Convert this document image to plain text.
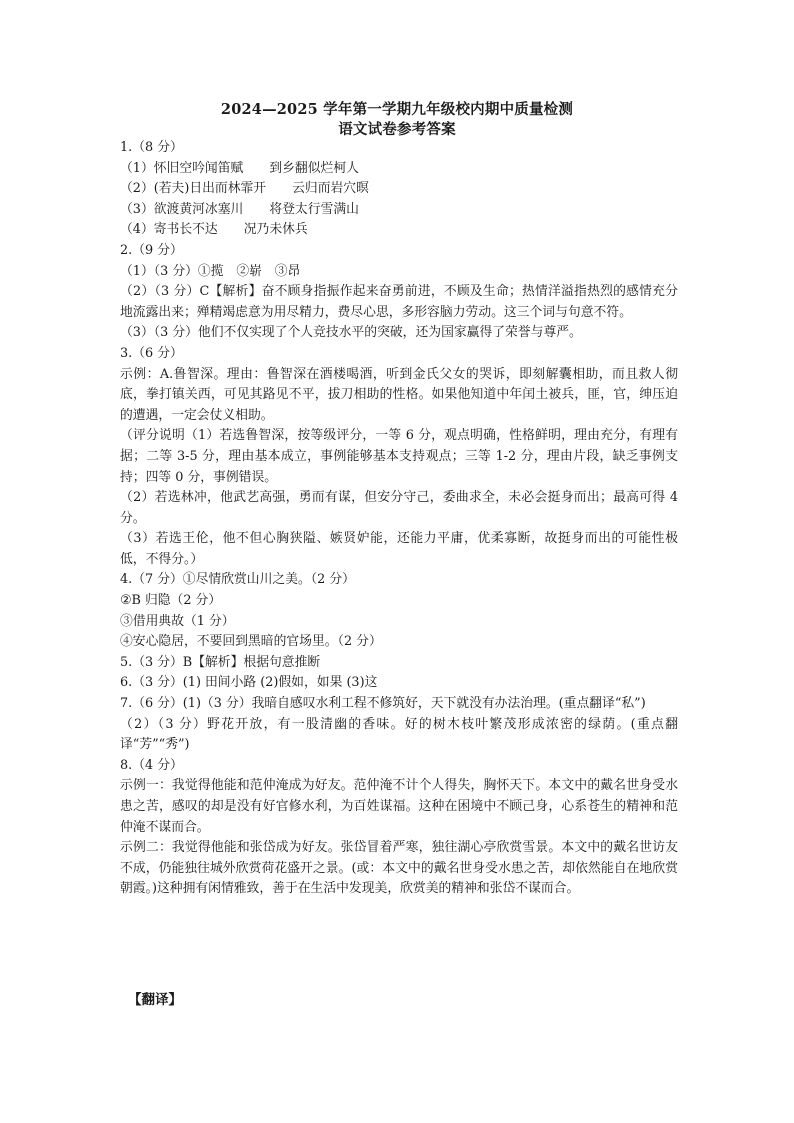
2024—2025 学年第一学期九年级校内期中质量检测
语文试卷参考答案

1.（8 分）

（1）怀旧空吟闻笛赋 到乡翻似烂柯人

（2）(若夫)日出而林霏开 云归而岩穴暝

（3）欲渡黄河冰塞川 将登太行雪满山

（4）寄书长不达 况乃未休兵

2.（9 分）

（1）（3 分）①揽　②崭　③昂

（2）（3 分）C【解析】奋不顾身指振作起来奋勇前进，不顾及生命；热情洋溢指热烈的感情充分地流露出来；殚精竭虑意为用尽精力，费尽心思，多形容脑力劳动。这三个词与句意不符。

（3）（3 分）他们不仅实现了个人竞技水平的突破，还为国家赢得了荣誉与尊严。

3.（6 分）

示例：A.鲁智深。理由：鲁智深在酒楼喝酒，听到金氏父女的哭诉，即刻解囊相助，而且救人彻底，拳打镇关西，可见其路见不平，拔刀相助的性格。如果他知道中年闰土被兵，匪，官，绅压迫的遭遇，一定会仗义相助。

（评分说明（1）若选鲁智深，按等级评分，一等 6 分，观点明确，性格鲜明，理由充分，有理有据；二等 3-5 分，理由基本成立，事例能够基本支持观点；三等 1-2 分，理由片段，缺乏事例支持；四等 0 分，事例错误。

（2）若选林冲，他武艺高强，勇而有谋，但安分守己，委曲求全，未必会挺身而出；最高可得 4 分。

（3）若选王伦，他不但心胸狭隘、嫉贤妒能，还能力平庸，优柔寡断，故挺身而出的可能性极低，不得分。）

4.（7 分）①尽情欣赏山川之美。（2 分）

②B 归隐（2 分）

③借用典故（1 分）

④安心隐居，不要回到黑暗的官场里。（2 分）

5.（3 分）B【解析】根据句意推断

6.（3 分）(1) 田间小路 (2)假如，如果 (3)这

7.（6 分）(1)（3 分）我暗自感叹水利工程不修筑好，天下就没有办法治理。(重点翻译“私”)

（2）（3 分）野花开放，有一股清幽的香味。好的树木枝叶繁茂形成浓密的绿荫。(重点翻译“芳”“秀”)

8.（4 分）

示例一：我觉得他能和范仲淹成为好友。范仲淹不计个人得失，胸怀天下。本文中的戴名世身受水患之苦，感叹的却是没有好官修水利，为百姓谋福。这种在困境中不顾己身，心系苍生的精神和范仲淹不谋而合。

示例二：我觉得他能和张岱成为好友。张岱冒着严寒，独往湖心亭欣赏雪景。本文中的戴名世访友不成，仍能独往城外欣赏荷花盛开之景。(或：本文中的戴名世身受水患之苦，却依然能自在地欣赏朝霞。)这种拥有闲情雅致，善于在生活中发现美，欣赏美的精神和张岱不谋而合。

【翻译】
